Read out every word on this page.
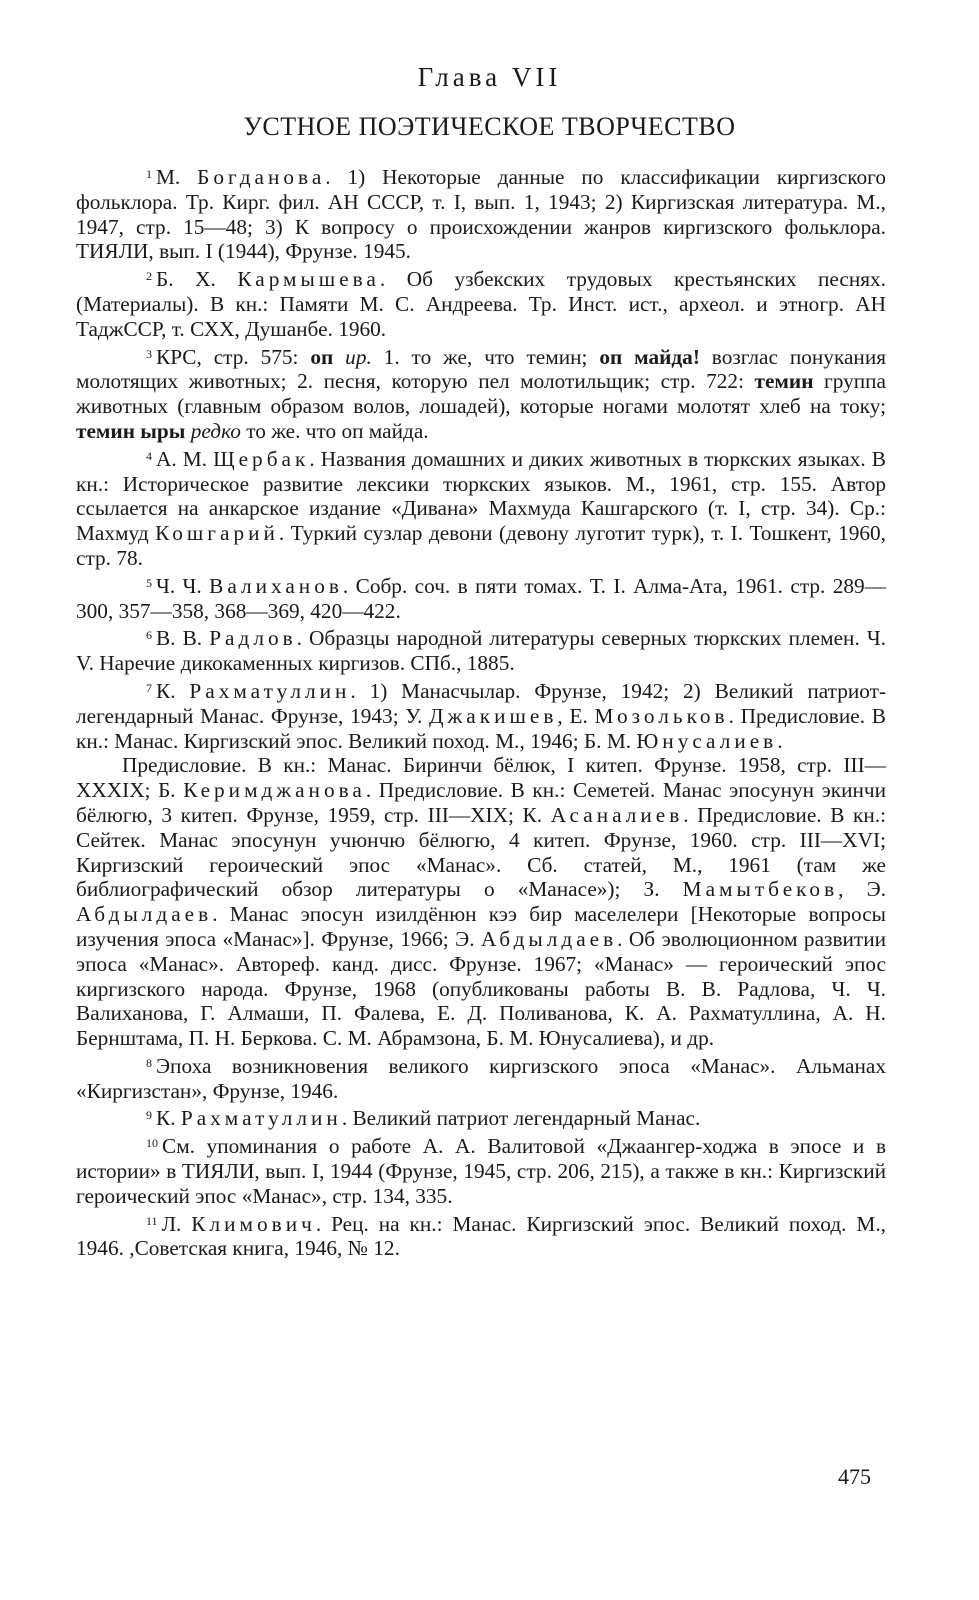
Глава VII
УСТНОЕ ПОЭТИЧЕСКОЕ ТВОРЧЕСТВО

$^1$ М. Богданова. 1) Некоторые данные по классификации киргизского фольклора. Тр. Кирг. фил. АН СССР, т. I, вып. 1, 1943; 2) Киргизская литература. М., 1947, стр. 15—48; 3) К вопросу о происхождении жанров киргизского фольклора. ТИЯЛИ, вып. I (1944), Фрунзе. 1945.

$^2$ Б. Х. Кармышева. Об узбекских трудовых крестьянских песнях. (Материалы). В кн.: Памяти М. С. Андреева. Тр. Инст. ист., археол. и этногр. АН ТаджССР, т. СХХ, Душанбе. 1960.

$^3$ КРС, стр. 575: оп ир. 1. то же, что темин; оп майда! возглас понукания молотящих животных; 2. песня, которую пел молотильщик; стр. 722: темин группа животных (главным образом волов, лошадей), которые ногами молотят хлеб на току; темин ыры редко то же. что оп майда.

$^4$ А. М. Щербак. Названия домашних и диких животных в тюркских языках. В кн.: Историческое развитие лексики тюркских языков. М., 1961, стр. 155. Автор ссылается на анкарское издание «Дивана» Махмуда Кашгарского (т. I, стр. 34). Ср.: Махмуд Кошгарий. Туркий сузлар девони (девону луготит турк), т. I. Тошкент, 1960, стр. 78.

$^5$ Ч. Ч. Валиханов. Собр. соч. в пяти томах. Т. I. Алма-Ата, 1961. стр. 289—300, 357—358, 368—369, 420—422.

$^6$ В. В. Радлов. Образцы народной литературы северных тюркских племен. Ч. V. Наречие дикокаменных киргизов. СПб., 1885.

$^7$ К. Рахматуллин. 1) Манасчылар. Фрунзе, 1942; 2) Великий патриот-легендарный Манас. Фрунзе, 1943; У. Джакишев, Е. Мозольков. Предисловие. В кн.: Манас. Киргизский эпос. Великий поход. М., 1946; Б. М. Юнусалиев.

Предисловие. В кн.: Манас. Биринчи бёлюк, I китеп. Фрунзе. 1958, стр. III—XXXIX; Б. Керимджанова. Предисловие. В кн.: Семетей. Манас эпосунун экинчи бёлюгю, 3 китеп. Фрунзе, 1959, стр. III—XIX; К. Асаналиев. Предисловие. В кн.: Сейтек. Манас эпосунун учюнчю бёлюгю, 4 китеп. Фрунзе, 1960. стр. III—XVI; Киргизский героический эпос «Манас». Сб. статей, М., 1961 (там же библиографический обзор литературы о «Манасе»); З. Мамытбеков, Э. Абдылдаев. Манас эпосун изилдёнюн кээ бир маселелери [Некоторые вопросы изучения эпоса «Манас»]. Фрунзе, 1966; Э. Абдылдаев. Об эволюционном развитии эпоса «Манас». Автореф. канд. дисс. Фрунзе. 1967; «Манас» — героический эпос киргизского народа. Фрунзе, 1968 (опубликованы работы В. В. Радлова, Ч. Ч. Валиханова, Г. Алмаши, П. Фалева, Е. Д. Поливанова, К. А. Рахматуллина, А. Н. Бернштама, П. Н. Беркова. С. М. Абрамзона, Б. М. Юнусалиева), и др.

$^8$ Эпоха возникновения великого киргизского эпоса «Манас». Альманах «Киргизстан», Фрунзе, 1946.

$^9$ К. Рахматуллин. Великий патриот легендарный Манас.

$^{10}$ См. упоминания о работе А. А. Валитовой «Джаангер-ходжа в эпосе и в истории» в ТИЯЛИ, вып. I, 1944 (Фрунзе, 1945, стр. 206, 215), а также в кн.: Киргизский героический эпос «Манас», стр. 134, 335.

$^{11}$ Л. Климович. Рец. на кн.: Манас. Киргизский эпос. Великий поход. М., 1946. ,Советская книга, 1946, № 12.

475
